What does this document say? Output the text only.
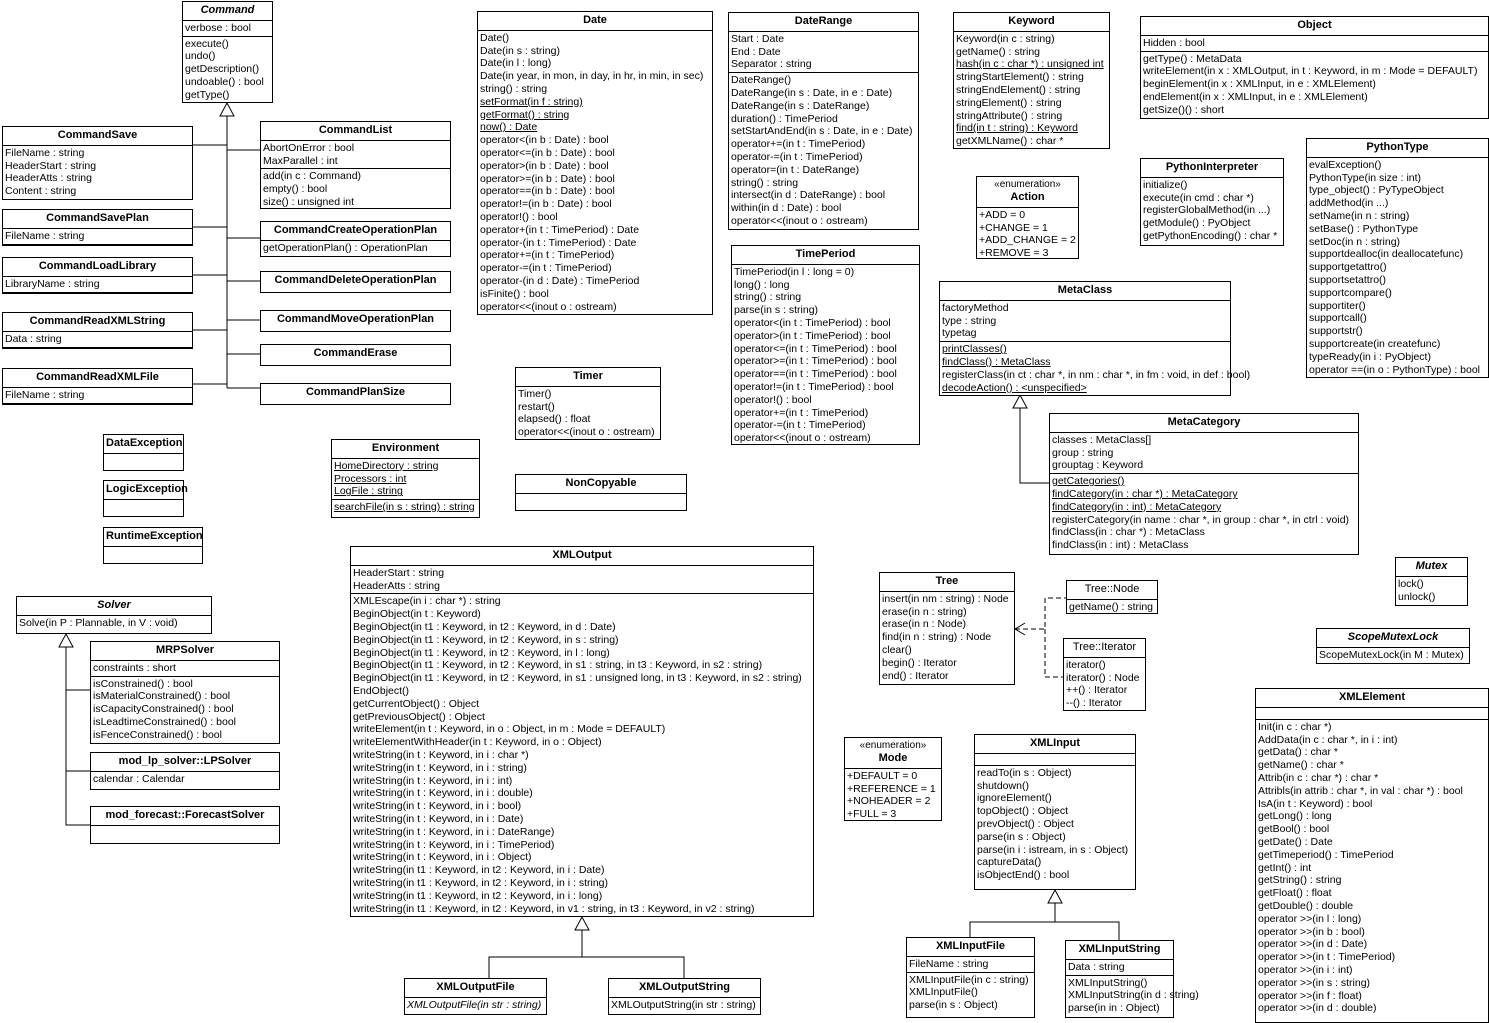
Command
verbose : bool
execute()
undo()
getDescription()
undoable() : bool
getType()
CommandSave
FileName : string
HeaderStart : string
HeaderAtts : string
Content : string
CommandSavePlan
FileName : string
CommandLoadLibrary
LibraryName : string
CommandReadXMLString
Data : string
CommandReadXMLFile
FileName : string
CommandList
AbortOnError : bool
MaxParallel : int
add(in c : Command)
empty() : bool
size() : unsigned int
CommandCreateOperationPlan
getOperationPlan() : OperationPlan
CommandDeleteOperationPlan
CommandMoveOperationPlan
CommandErase
CommandPlanSize
DataException
LogicException
RuntimeException
Solver
Solve(in P : Plannable, in V : void)
MRPSolver
constraints : short
isConstrained() : bool
isMaterialConstrained() : bool
isCapacityConstrained() : bool
isLeadtimeConstrained() : bool
isFenceConstrained() : bool
mod_lp_solver::LPSolver
calendar : Calendar
mod_forecast::ForecastSolver
Date
Date()
Date(in s : string)
Date(in l : long)
Date(in year, in mon, in day, in hr, in min, in sec)
string() : string
setFormat(in f : string)
getFormat() : string
now() : Date
operator<(in b : Date) : bool
operator<=(in b : Date) : bool
operator>(in b : Date) : bool
operator>=(in b : Date) : bool
operator==(in b : Date) : bool
operator!=(in b : Date) : bool
operator!() : bool
operator+(in t : TimePeriod) : Date
operator-(in t : TimePeriod) : Date
operator+=(in t : TimePeriod)
operator-=(in t : TimePeriod)
operator-(in d : Date) : TimePeriod
isFinite() : bool
operator<<(inout o : ostream)
Timer
Timer()
restart()
elapsed() : float
operator<<(inout o : ostream)
Environment
HomeDirectory : string
Processors : int
LogFile : string
searchFile(in s : string) : string
NonCopyable
DateRange
Start : Date
End : Date
Separator : string
DateRange()
DateRange(in s : Date, in e : Date)
DateRange(in s : DateRange)
duration() : TimePeriod
setStartAndEnd(in s : Date, in e : Date)
operator+=(in t : TimePeriod)
operator-=(in t : TimePeriod)
operator=(in t : DateRange)
string() : string
intersect(in d : DateRange) : bool
within(in d : Date) : bool
operator<<(inout o : ostream)
TimePeriod
TimePeriod(in l : long = 0)
long() : long
string() : string
parse(in s : string)
operator<(in t : TimePeriod) : bool
operator>(in t : TimePeriod) : bool
operator<=(in t : TimePeriod) : bool
operator>=(in t : TimePeriod) : bool
operator==(in t : TimePeriod) : bool
operator!=(in t : TimePeriod) : bool
operator!() : bool
operator+=(in t : TimePeriod)
operator-=(in t : TimePeriod)
operator<<(inout o : ostream)
Keyword
Keyword(in c : string)
getName() : string
hash(in c : char *) : unsigned int
stringStartElement() : string
stringEndElement() : string
stringElement() : string
stringAttribute() : string
find(in t : string) : Keyword
getXMLName() : char *
«enumeration»
Action
+ADD = 0
+CHANGE = 1
+ADD_CHANGE = 2
+REMOVE = 3
Object
Hidden : bool
getType() : MetaData
writeElement(in x : XMLOutput, in t : Keyword, in m : Mode = DEFAULT)
beginElement(in x : XMLInput, in e : XMLElement)
endElement(in x : XMLInput, in e : XMLElement)
getSize()() : short
PythonInterpreter
initialize()
execute(in cmd : char *)
registerGlobalMethod(in ...)
getModule() : PyObject
getPythonEncoding() : char *
PythonType
evalException()
PythonType(in size : int)
type_object() : PyTypeObject
addMethod(in ...)
setName(in n : string)
setBase() : PythonType
setDoc(in n : string)
supportdealloc(in deallocatefunc)
supportgetattro()
supportsetattro()
supportcompare()
supportiter()
supportcall()
supportstr()
supportcreate(in createfunc)
typeReady(in i : PyObject)
operator ==(in o : PythonType) : bool
MetaClass
factoryMethod
type : string
typetag
printClasses()
findClass() : MetaClass
registerClass(in ct : char *, in nm : char *, in fm : void, in def : bool)
decodeAction() : <unspecified>
MetaCategory
classes : MetaClass[]
group : string
grouptag : Keyword
getCategories()
findCategory(in : char *) : MetaCategory
findCategory(in : int) : MetaCategory
registerCategory(in name : char *, in group : char *, in ctrl : void)
findClass(in : char *) : MetaClass
findClass(in : int) : MetaClass
Mutex
lock()
unlock()
ScopeMutexLock
ScopeMutexLock(in M : Mutex)
XMLElement
Init(in c : char *)
AddData(in c : char *, in i : int)
getData() : char *
getName() : char *
Attrib(in c : char *) : char *
Attribls(in attrib : char *, in val : char *) : bool
IsA(in t : Keyword) : bool
getLong() : long
getBool() : bool
getDate() : Date
getTimeperiod() : TimePeriod
getInt() : int
getString() : string
getFloat() : float
getDouble() : double
operator >>(in l : long)
operator >>(in b : bool)
operator >>(in d : Date)
operator >>(in t : TimePeriod)
operator >>(in i : int)
operator >>(in s : string)
operator >>(in f : float)
operator >>(in d : double)
Tree
insert(in nm : string) : Node
erase(in n : string)
erase(in n : Node)
find(in n : string) : Node
clear()
begin() : Iterator
end() : Iterator
Tree::Node
getName() : string
Tree::Iterator
iterator()
iterator() : Node
++() : Iterator
--() : Iterator
«enumeration»
Mode
+DEFAULT = 0
+REFERENCE = 1
+NOHEADER = 2
+FULL = 3
XMLInput
readTo(in s : Object)
shutdown()
ignoreElement()
topObject() : Object
prevObject() : Object
parse(in s : Object)
parse(in i : istream, in s : Object)
captureData()
isObjectEnd() : bool
XMLInputFile
FileName : string
XMLInputFile(in c : string)
XMLInputFile()
parse(in s : Object)
XMLInputString
Data : string
XMLInputString()
XMLInputString(in d : string)
parse(in in : Object)
XMLOutput
HeaderStart : string
HeaderAtts : string
XMLEscape(in i : char *) : string
BeginObject(in t : Keyword)
BeginObject(in t1 : Keyword, in t2 : Keyword, in d : Date)
BeginObject(in t1 : Keyword, in t2 : Keyword, in s : string)
BeginObject(in t1 : Keyword, in t2 : Keyword, in l : long)
BeginObject(in t1 : Keyword, in t2 : Keyword, in s1 : string, in t3 : Keyword, in s2 : string)
BeginObject(in t1 : Keyword, in t2 : Keyword, in s1 : unsigned long, in t3 : Keyword, in s2 : string)
EndObject()
getCurrentObject() : Object
getPreviousObject() : Object
writeElement(in t : Keyword, in o : Object, in m : Mode = DEFAULT)
writeElementWithHeader(in t : Keyword, in o : Object)
writeString(in t : Keyword, in i : char *)
writeString(in t : Keyword, in i : string)
writeString(in t : Keyword, in i : int)
writeString(in t : Keyword, in i : double)
writeString(in t : Keyword, in i : bool)
writeString(in t : Keyword, in i : Date)
writeString(in t : Keyword, in i : DateRange)
writeString(in t : Keyword, in i : TimePeriod)
writeString(in t : Keyword, in i : Object)
writeString(in t1 : Keyword, in t2 : Keyword, in i : Date)
writeString(in t1 : Keyword, in t2 : Keyword, in i : string)
writeString(in t1 : Keyword, in t2 : Keyword, in i : long)
writeString(in t1 : Keyword, in t2 : Keyword, in v1 : string, in t3 : Keyword, in v2 : string)
XMLOutputFile
XMLOutputFile(in str : string)
XMLOutputString
XMLOutputString(in str : string)
